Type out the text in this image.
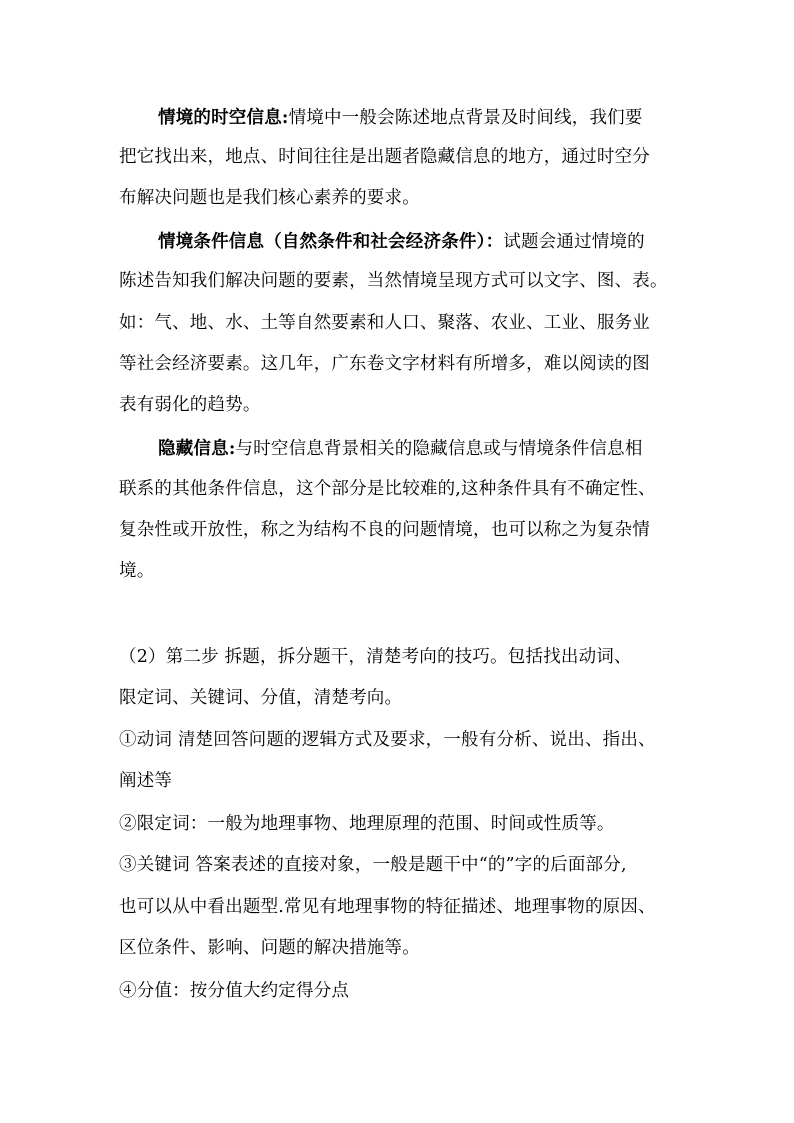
情境的时空信息:情境中一般会陈述地点背景及时间线，我们要
把它找出来，地点、时间往往是出题者隐藏信息的地方，通过时空分
布解决问题也是我们核心素养的要求。
情境条件信息（自然条件和社会经济条件）：试题会通过情境的
陈述告知我们解决问题的要素，当然情境呈现方式可以文字、图、表。
如：气、地、水、土等自然要素和人口、聚落、农业、工业、服务业
等社会经济要素。这几年，广东卷文字材料有所增多，难以阅读的图
表有弱化的趋势。
隐藏信息:与时空信息背景相关的隐藏信息或与情境条件信息相
联系的其他条件信息，这个部分是比较难的,这种条件具有不确定性、
复杂性或开放性，称之为结构不良的问题情境，也可以称之为复杂情
境。
（2）第二步 拆题，拆分题干，清楚考向的技巧。包括找出动词、
限定词、关键词、分值，清楚考向。
①动词 清楚回答问题的逻辑方式及要求，一般有分析、说出、指出、
阐述等
②限定词：一般为地理事物、地理原理的范围、时间或性质等。
③关键词 答案表述的直接对象，一般是题干中“的”字的后面部分,
也可以从中看出题型.常见有地理事物的特征描述、地理事物的原因、
区位条件、影响、问题的解决措施等。
④分值：按分值大约定得分点
